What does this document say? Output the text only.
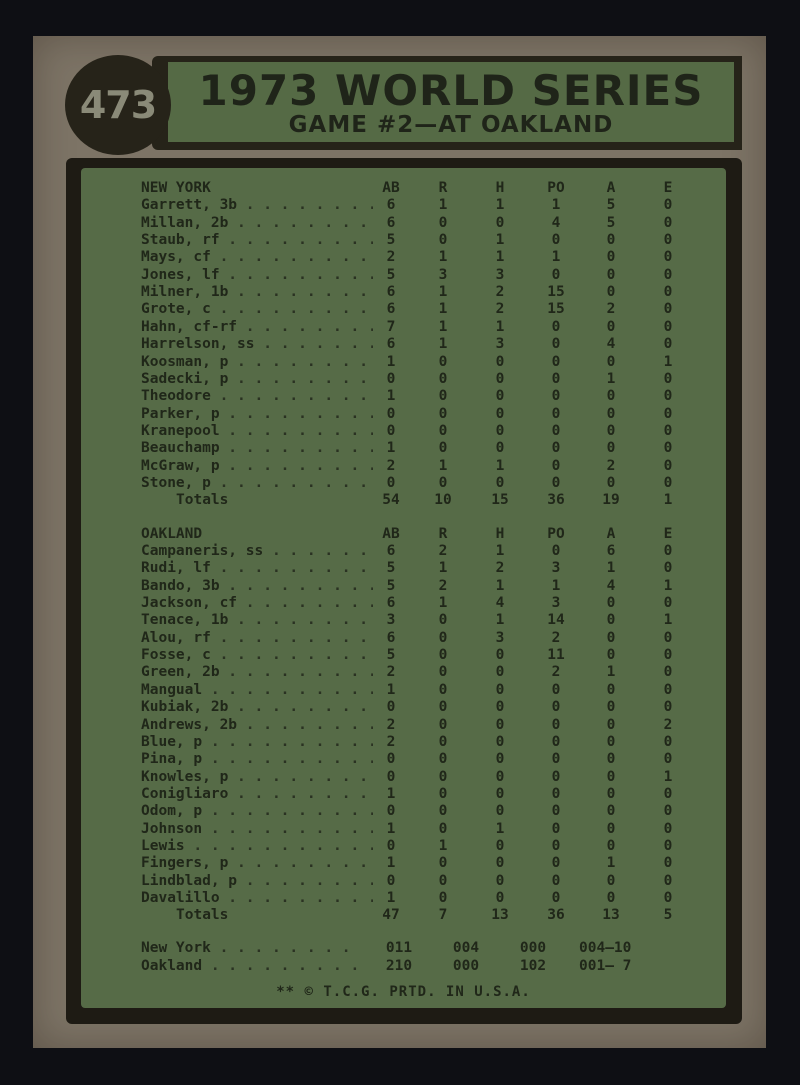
1973 WORLD SERIES
GAME #2—AT OAKLAND
473
** © T.C.G. PRTD. IN U.S.A.
NEW YORK	AB	R	H	PO	A	E
Garrett, 3b . . .	6	1	1	1	5	0
Millan, 2b . . .	6	0	0	4	5	0
Staub, rf . . .	5	0	1	0	0	0
Mays, cf . . .	2	1	1	1	0	0
Jones, lf . . .	5	3	3	0	0	0
Milner, 1b . . .	6	1	2	15	0	0
Grote, c . . .	6	1	2	15	2	0
Hahn, cf-rf . . .	7	1	1	0	0	0
Harrelson, ss . . .	6	1	3	0	4	0
Koosman, p . . .	1	0	0	0	0	1
Sadecki, p . . .	0	0	0	0	1	0
Theodore . . .	1	0	0	0	0	0
Parker, p . . .	0	0	0	0	0	0
Kranepool . . .	0	0	0	0	0	0
Beauchamp . . .	1	0	0	0	0	0
McGraw, p . . .	2	1	1	0	2	0
Stone, p . . .	0	0	0	0	0	0
Totals	54	10	15	36	19	1
OAKLAND	AB	R	H	PO	A	E
Campaneris, ss . . .	6	2	1	0	6	0
Rudi, lf . . .	5	1	2	3	1	0
Bando, 3b . . .	5	2	1	1	4	1
Jackson, cf . . .	6	1	4	3	0	0
Tenace, 1b . . .	3	0	1	14	0	1
Alou, rf . . .	6	0	3	2	0	0
Fosse, c . . .	5	0	0	11	0	0
Green, 2b . . .	2	0	0	2	1	0
Mangual . . .	1	0	0	0	0	0
Kubiak, 2b . . .	0	0	0	0	0	0
Andrews, 2b . . .	2	0	0	0	0	2
Blue, p . . .	2	0	0	0	0	0
Pina, p . . .	0	0	0	0	0	0
Knowles, p . . .	0	0	0	0	0	1
Conigliaro . . .	1	0	0	0	0	0
Odom, p . . .	0	0	0	0	0	0
Johnson . . .	1	0	1	0	0	0
Lewis . . .	0	1	0	0	0	0
Fingers, p . . .	1	0	0	0	1	0
Lindblad, p . . .	0	0	0	0	0	0
Davalillo . . .	1	0	0	0	0	0
Totals	47	7	13	36	13	5
New York . . .	011	004	000	004—10
Oakland . . .	210	000	102	001— 7
